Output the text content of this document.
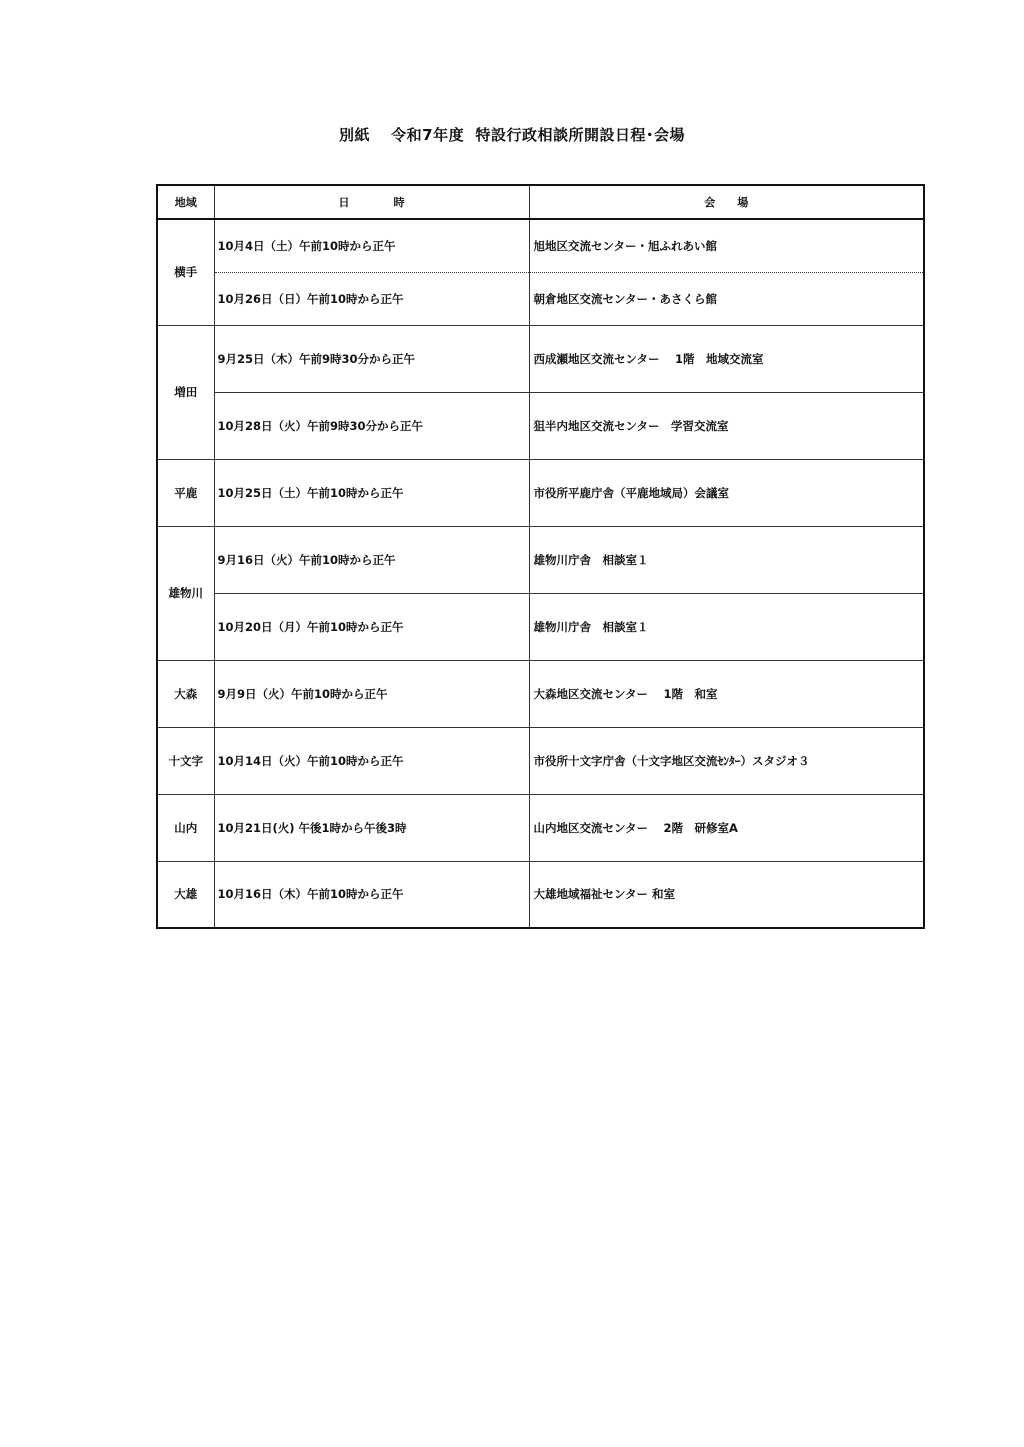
別紙　 令和7年度  特設行政相談所開設日程･会場
地域	日　　　　時	会　　場
横手	10月4日（土）午前10時から正午	旭地区交流センター・旭ふれあい館
	10月26日（日）午前10時から正午	朝倉地区交流センター・あさくら館
増田	9月25日（木）午前9時30分から正午	西成瀬地区交流センター　 1階　地域交流室
	10月28日（火）午前9時30分から正午	狙半内地区交流センター　学習交流室
平鹿	10月25日（土）午前10時から正午	市役所平鹿庁舎（平鹿地域局）会議室
雄物川	9月16日（火）午前10時から正午	雄物川庁舎　相談室１
	10月20日（月）午前10時から正午	雄物川庁舎　相談室１
大森	9月9日（火）午前10時から正午	大森地区交流センター　 1階　和室
十文字	10月14日（火）午前10時から正午	市役所十文字庁舎（十文字地区交流ｾﾝﾀｰ）スタジオ３
山内	10月21日(火) 午後1時から午後3時	山内地区交流センター　 2階　研修室A
大雄	10月16日（木）午前10時から正午	大雄地域福祉センター 和室
